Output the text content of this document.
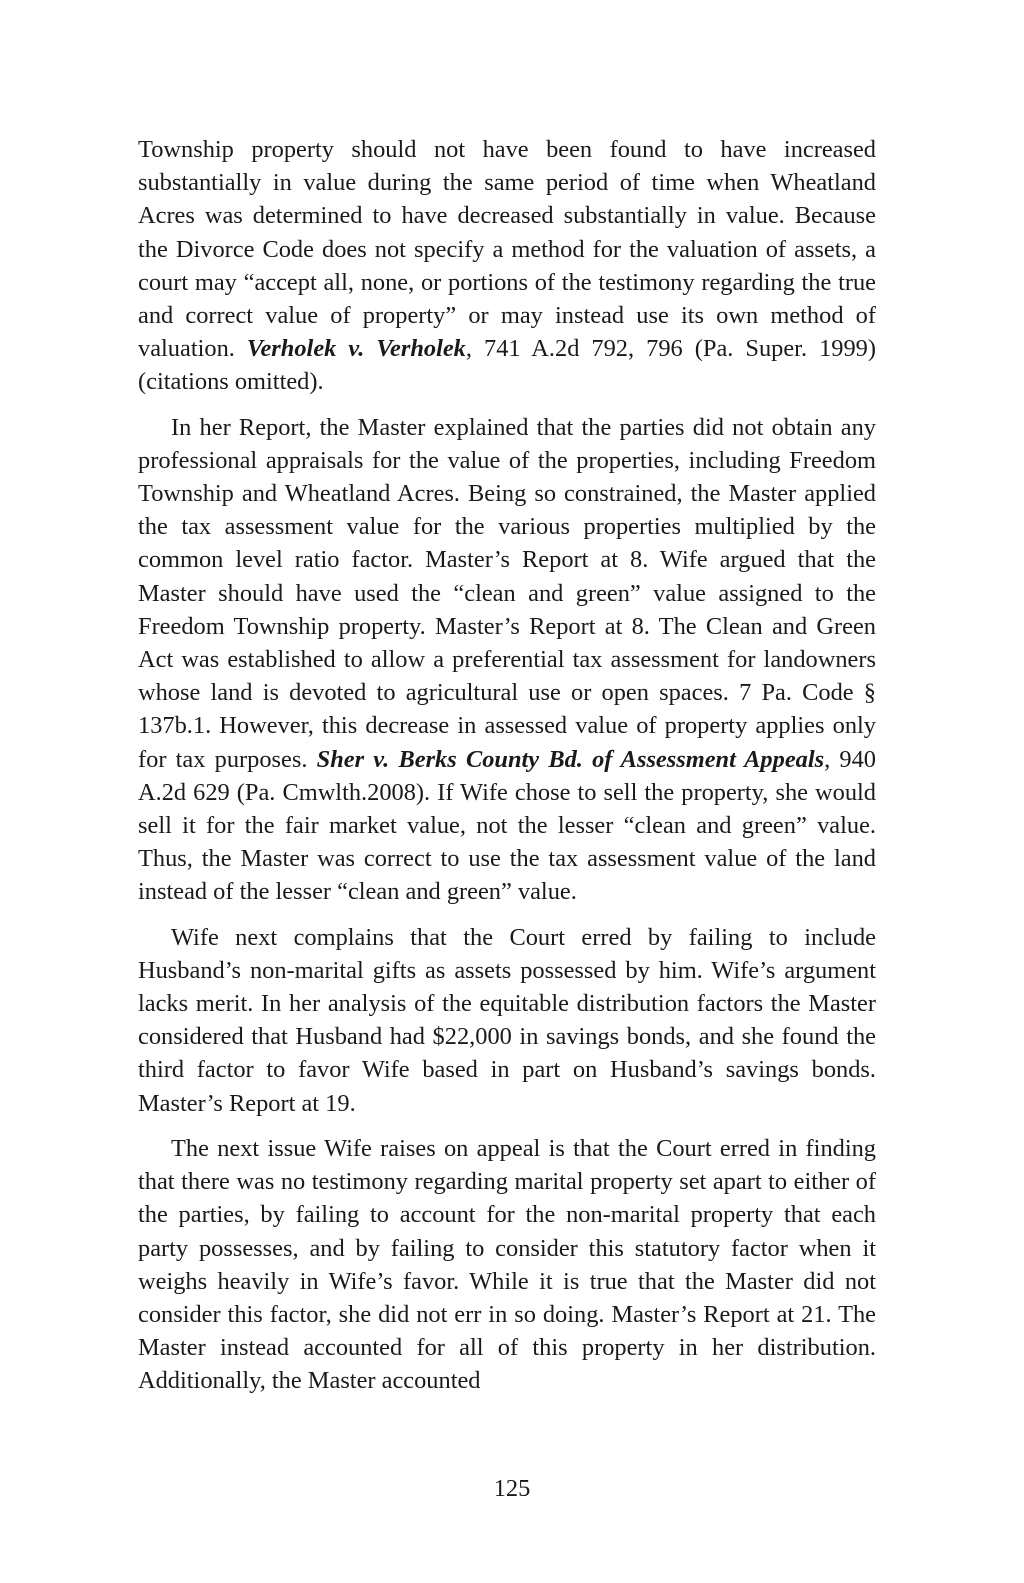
Township property should not have been found to have increased substantially in value during the same period of time when Wheatland Acres was determined to have decreased substantially in value. Because the Divorce Code does not specify a method for the valuation of assets, a court may “accept all, none, or portions of the testimony regarding the true and correct value of property” or may instead use its own method of valuation. Verholek v. Verholek, 741 A.2d 792, 796 (Pa. Super. 1999) (citations omitted).

In her Report, the Master explained that the parties did not obtain any professional appraisals for the value of the properties, including Freedom Township and Wheatland Acres. Being so constrained, the Master applied the tax assessment value for the various properties multiplied by the common level ratio factor. Master’s Report at 8. Wife argued that the Master should have used the “clean and green” value assigned to the Freedom Township property. Master’s Report at 8. The Clean and Green Act was established to allow a preferential tax assessment for landowners whose land is devoted to agricultural use or open spaces. 7 Pa. Code § 137b.1. However, this decrease in assessed value of property applies only for tax purposes. Sher v. Berks County Bd. of Assessment Appeals, 940 A.2d 629 (Pa. Cmwlth.2008). If Wife chose to sell the property, she would sell it for the fair market value, not the lesser “clean and green” value. Thus, the Master was correct to use the tax assessment value of the land instead of the lesser “clean and green” value.

Wife next complains that the Court erred by failing to include Husband’s non-marital gifts as assets possessed by him. Wife’s argument lacks merit. In her analysis of the equitable distribution factors the Master considered that Husband had $22,000 in savings bonds, and she found the third factor to favor Wife based in part on Husband’s savings bonds. Master’s Report at 19.

The next issue Wife raises on appeal is that the Court erred in finding that there was no testimony regarding marital property set apart to either of the parties, by failing to account for the non-marital property that each party possesses, and by failing to consider this statutory factor when it weighs heavily in Wife’s favor. While it is true that the Master did not consider this factor, she did not err in so doing. Master’s Report at 21. The Master instead accounted for all of this property in her distribution. Additionally, the Master accounted

125
